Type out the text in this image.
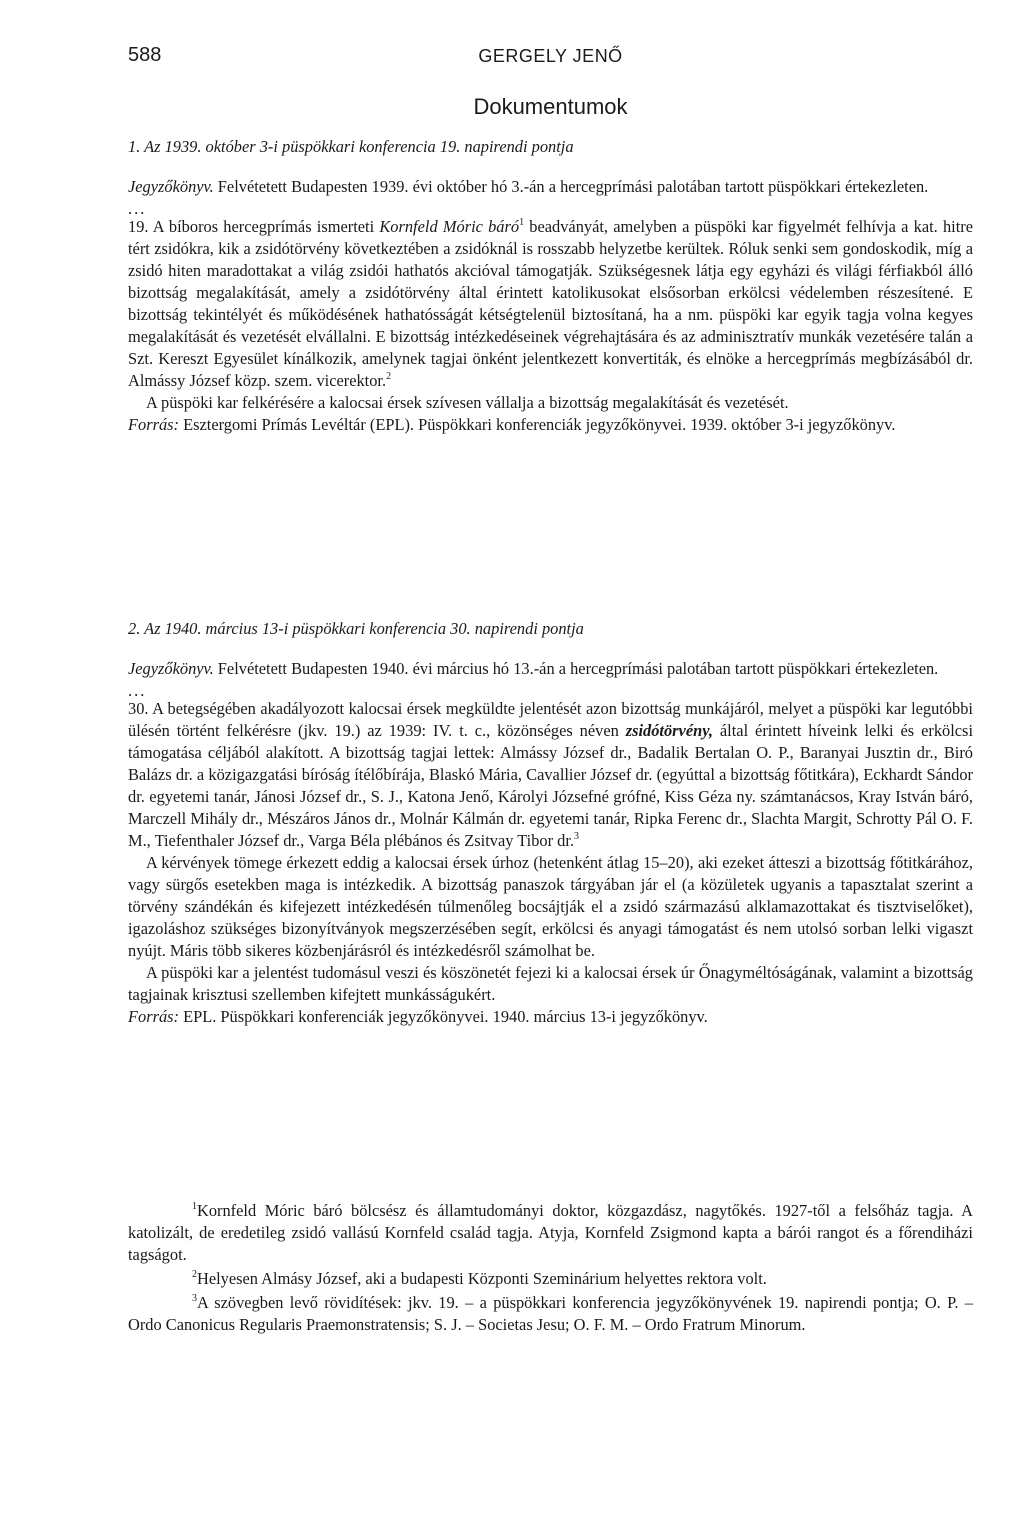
588	GERGELY JENŐ
Dokumentumok

1. Az 1939. október 3-i püspökkari konferencia 19. napirendi pontja

Jegyzőkönyv. Felvétetett Budapesten 1939. évi október hó 3.-án a hercegprímási palotában tartott püspökkari értekezleten.

...

19. A bíboros hercegprímás ismerteti Kornfeld Móric báró$^1$ beadványát, amelyben a püspöki kar figyelmét felhívja a kat. hitre tért zsidókra, kik a zsidótörvény következtében a zsidóknál is rosszabb helyzetbe kerültek. Róluk senki sem gondoskodik, míg a zsidó hiten maradottakat a világ zsidói hathatós akcióval támogatják. Szükségesnek látja egy egyházi és világi férfiakból álló bizottság megalakítását, amely a zsidótörvény által érintett katolikusokat elsősorban erkölcsi védelemben részesítené. E bizottság tekintélyét és működésének hathatósságát kétségtelenül biztosítaná, ha a nm. püspöki kar egyik tagja volna kegyes megalakítását és vezetését elvállalni. E bizottság intézkedéseinek végrehajtására és az adminisztratív munkák vezetésére talán a Szt. Kereszt Egyesület kínálkozik, amelynek tagjai önként jelentkezett konvertiták, és elnöke a hercegprímás megbízásából dr. Almássy József közp. szem. vicerektor.$^2$

A püspöki kar felkérésére a kalocsai érsek szívesen vállalja a bizottság megalakítását és vezetését.

Forrás: Esztergomi Prímás Levéltár (EPL). Püspökkari konferenciák jegyzőkönyvei. 1939. október 3-i jegyzőkönyv.

2. Az 1940. március 13-i püspökkari konferencia 30. napirendi pontja

Jegyzőkönyv. Felvétetett Budapesten 1940. évi március hó 13.-án a hercegprímási palotában tartott püspökkari értekezleten.

...

30. A betegségében akadályozott kalocsai érsek megküldte jelentését azon bizottság munkájáról, melyet a püspöki kar legutóbbi ülésén történt felkérésre (jkv. 19.) az 1939: IV. t. c., közönséges néven zsidótörvény, által érintett híveink lelki és erkölcsi támogatása céljából alakított. A bizottság tagjai lettek: Almássy József dr., Badalik Bertalan O. P., Baranyai Jusztin dr., Biró Balázs dr. a közigazgatási bíróság ítélőbírája, Blaskó Mária, Cavallier József dr. (egyúttal a bizottság főtitkára), Eckhardt Sándor dr. egyetemi tanár, Jánosi József dr., S. J., Katona Jenő, Károlyi Józsefné grófné, Kiss Géza ny. számtanácsos, Kray István báró, Marczell Mihály dr., Mészáros János dr., Molnár Kálmán dr. egyetemi tanár, Ripka Ferenc dr., Slachta Margit, Schrotty Pál O. F. M., Tiefenthaler József dr., Varga Béla plébános és Zsitvay Tibor dr.$^3$

A kérvények tömege érkezett eddig a kalocsai érsek úrhoz (hetenként átlag 15–20), aki ezeket átteszi a bizottság főtitkárához, vagy sürgős esetekben maga is intézkedik. A bizottság panaszok tárgyában jár el (a közületek ugyanis a tapasztalat szerint a törvény szándékán és kifejezett intézkedésén túlmenőleg bocsájtják el a zsidó származású alklamazottakat és tisztviselőket), igazoláshoz szükséges bizonyítványok megszerzésében segít, erkölcsi és anyagi támogatást és nem utolsó sorban lelki vigaszt nyújt. Máris több sikeres közbenjárásról és intézkedésről számolhat be.

A püspöki kar a jelentést tudomásul veszi és köszönetét fejezi ki a kalocsai érsek úr Őnagyméltóságának, valamint a bizottság tagjainak krisztusi szellemben kifejtett munkásságukért.

Forrás: EPL. Püspökkari konferenciák jegyzőkönyvei. 1940. március 13-i jegyzőkönyv.

$^1$Kornfeld Móric báró bölcsész és államtudományi doktor, közgazdász, nagytőkés. 1927-től a felsőház tagja. A katolizált, de eredetileg zsidó vallású Kornfeld család tagja. Atyja, Kornfeld Zsigmond kapta a bárói rangot és a főrendiházi tagságot.

$^2$Helyesen Almásy József, aki a budapesti Központi Szeminárium helyettes rektora volt.

$^3$A szövegben levő rövidítések: jkv. 19. – a püspökkari konferencia jegyzőkönyvének 19. napirendi pontja; O. P. – Ordo Canonicus Regularis Praemonstratensis; S. J. – Societas Jesu; O. F. M. – Ordo Fratrum Minorum.
